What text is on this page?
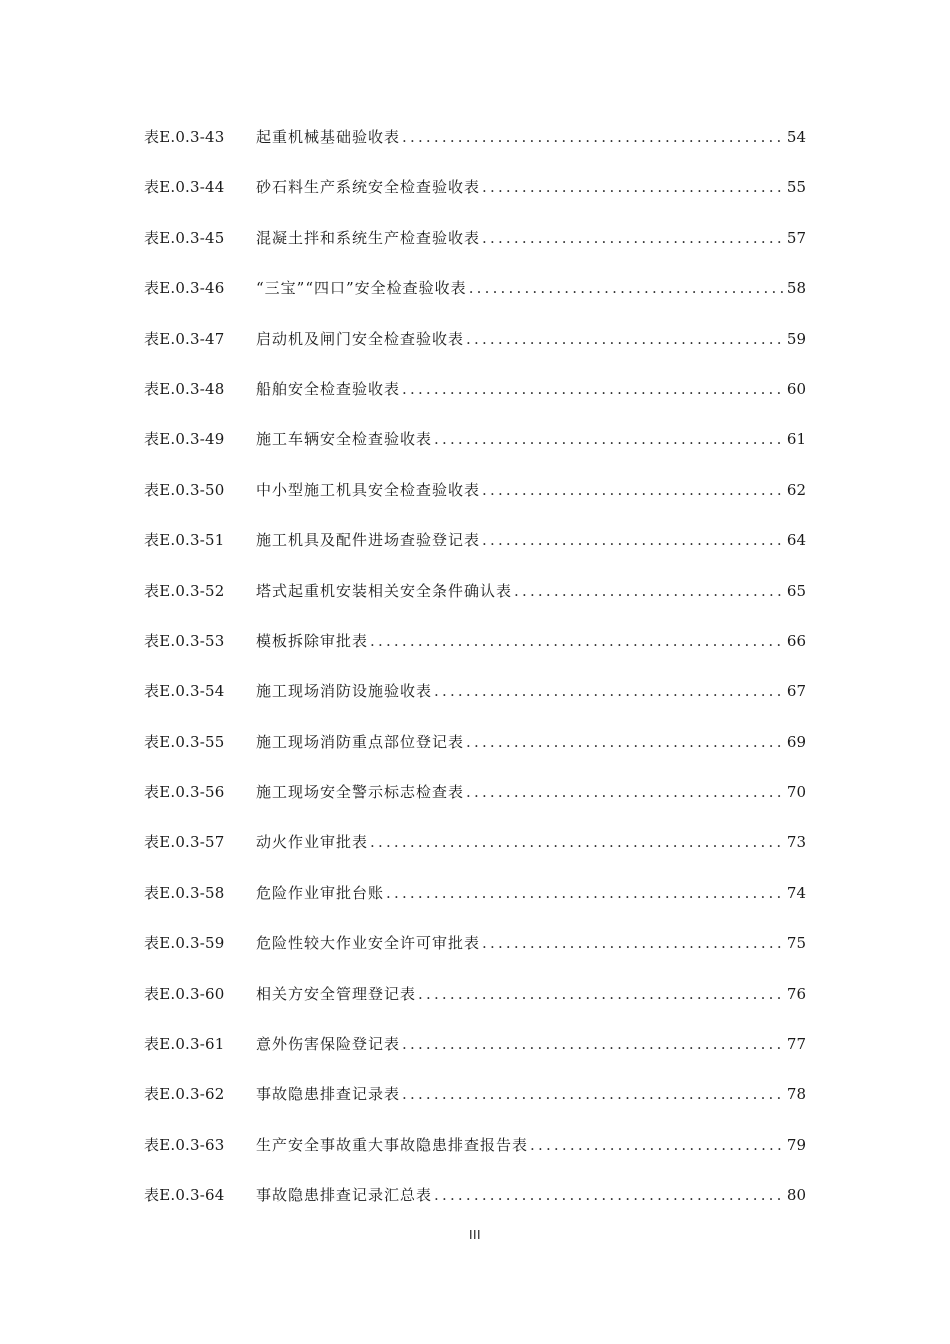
表E.0.3-43	起重机械基础验收表 .....	54
表E.0.3-44	砂石料生产系统安全检查验收表 .....	55
表E.0.3-45	混凝土拌和系统生产检查验收表 .....	57
表E.0.3-46	“三宝”“四口”安全检查验收表 .....	58
表E.0.3-47	启动机及闸门安全检查验收表 .....	59
表E.0.3-48	船舶安全检查验收表 .....	60
表E.0.3-49	施工车辆安全检查验收表 .....	61
表E.0.3-50	中小型施工机具安全检查验收表 .....	62
表E.0.3-51	施工机具及配件进场查验登记表 .....	64
表E.0.3-52	塔式起重机安装相关安全条件确认表 .....	65
表E.0.3-53	模板拆除审批表 .....	66
表E.0.3-54	施工现场消防设施验收表 .....	67
表E.0.3-55	施工现场消防重点部位登记表 .....	69
表E.0.3-56	施工现场安全警示标志检查表 .....	70
表E.0.3-57	动火作业审批表 .....	73
表E.0.3-58	危险作业审批台账 .....	74
表E.0.3-59	危险性较大作业安全许可审批表 .....	75
表E.0.3-60	相关方安全管理登记表 .....	76
表E.0.3-61	意外伤害保险登记表 .....	77
表E.0.3-62	事故隐患排查记录表 .....	78
表E.0.3-63	生产安全事故重大事故隐患排查报告表 .....	79
表E.0.3-64	事故隐患排查记录汇总表 .....	80
III
